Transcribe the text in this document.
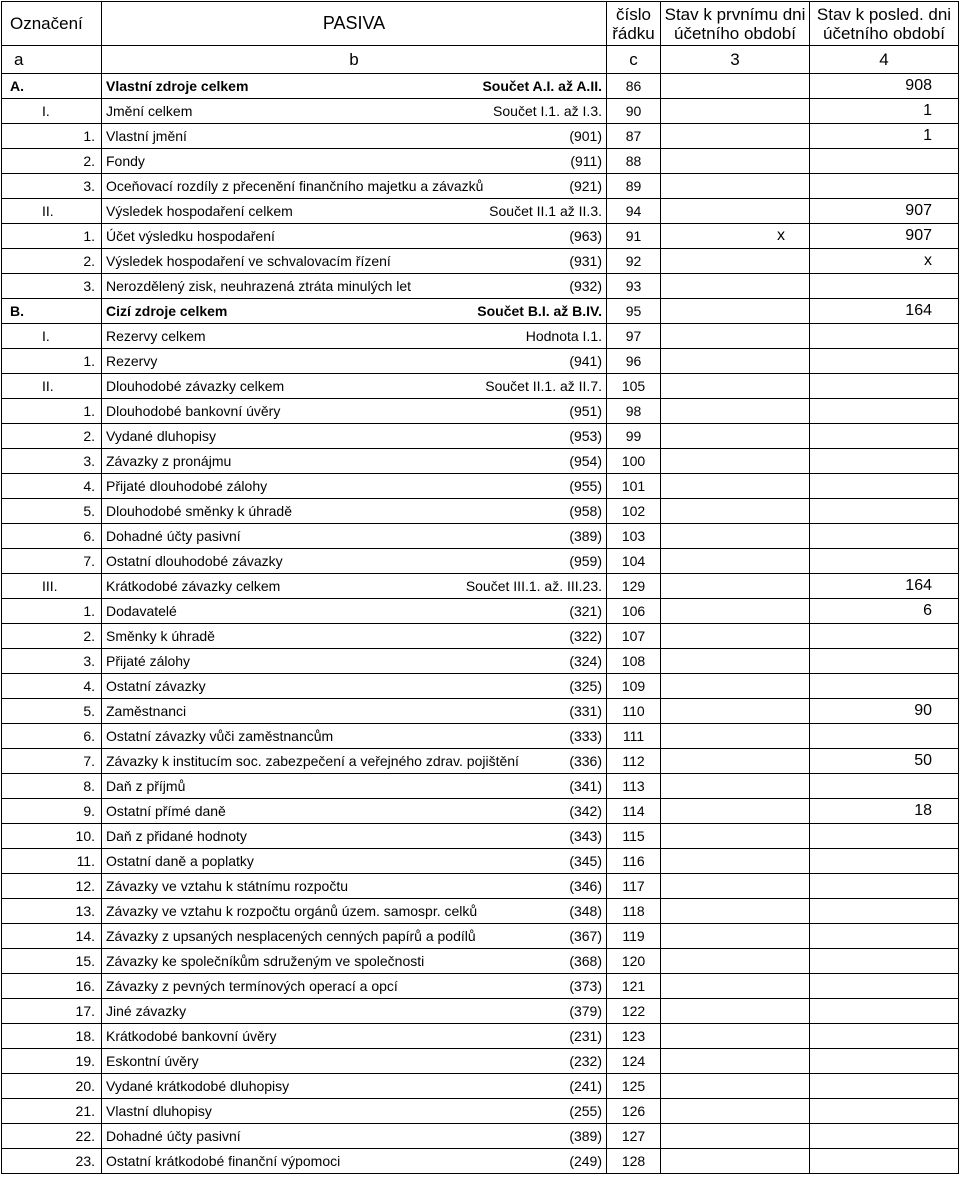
Označení	PASIVA	číslo řádku	Stav k prvnímu dni účetního období	Stav k posled. dni účetního období
a	b	c	3	4
A.	Vlastní zdroje celkem Součet A.I. až A.II.	86		908
I.	Jmění celkem Součet I.1. až I.3.	90		1
1.	Vlastní jmění (901)	87		1
2.	Fondy (911)	88		
3.	Oceňovací rozdíly z přecenění finančního majetku a závazků (921)	89		
II.	Výsledek hospodaření celkem Součet II.1 až II.3.	94		907
1.	Účet výsledku hospodaření (963)	91	x	907
2.	Výsledek hospodaření ve schvalovacím řízení (931)	92		x
3.	Nerozdělený zisk, neuhrazená ztráta minulých let (932)	93		
B.	Cizí zdroje celkem Součet B.I. až B.IV.	95		164
I.	Rezervy celkem Hodnota I.1.	97		
1.	Rezervy (941)	96		
II.	Dlouhodobé závazky celkem Součet II.1. až II.7.	105		
1.	Dlouhodobé bankovní úvěry (951)	98		
2.	Vydané dluhopisy (953)	99		
3.	Závazky z pronájmu (954)	100		
4.	Přijaté dlouhodobé zálohy (955)	101		
5.	Dlouhodobé směnky k úhradě (958)	102		
6.	Dohadné účty pasivní (389)	103		
7.	Ostatní dlouhodobé závazky (959)	104		
III.	Krátkodobé závazky celkem Součet III.1. až. III.23.	129		164
1.	Dodavatelé (321)	106		6
2.	Směnky k úhradě (322)	107		
3.	Přijaté zálohy (324)	108		
4.	Ostatní závazky (325)	109		
5.	Zaměstnanci (331)	110		90
6.	Ostatní závazky vůči zaměstnancům (333)	111		
7.	Závazky k institucím soc. zabezpečení a veřejného zdrav. pojištění (336)	112		50
8.	Daň z příjmů (341)	113		
9.	Ostatní přímé daně (342)	114		18
10.	Daň z přidané hodnoty (343)	115		
11.	Ostatní daně a poplatky (345)	116		
12.	Závazky ve vztahu k státnímu rozpočtu (346)	117		
13.	Závazky ve vztahu k rozpočtu orgánů územ. samospr. celků (348)	118		
14.	Závazky z upsaných nesplacených cenných papírů a podílů (367)	119		
15.	Závazky ke společníkům sdruženým ve společnosti (368)	120		
16.	Závazky z pevných termínových operací a opcí (373)	121		
17.	Jiné závazky (379)	122		
18.	Krátkodobé bankovní úvěry (231)	123		
19.	Eskontní úvěry (232)	124		
20.	Vydané krátkodobé dluhopisy (241)	125		
21.	Vlastní dluhopisy (255)	126		
22.	Dohadné účty pasivní (389)	127		
23.	Ostatní krátkodobé finanční výpomoci (249)	128		
